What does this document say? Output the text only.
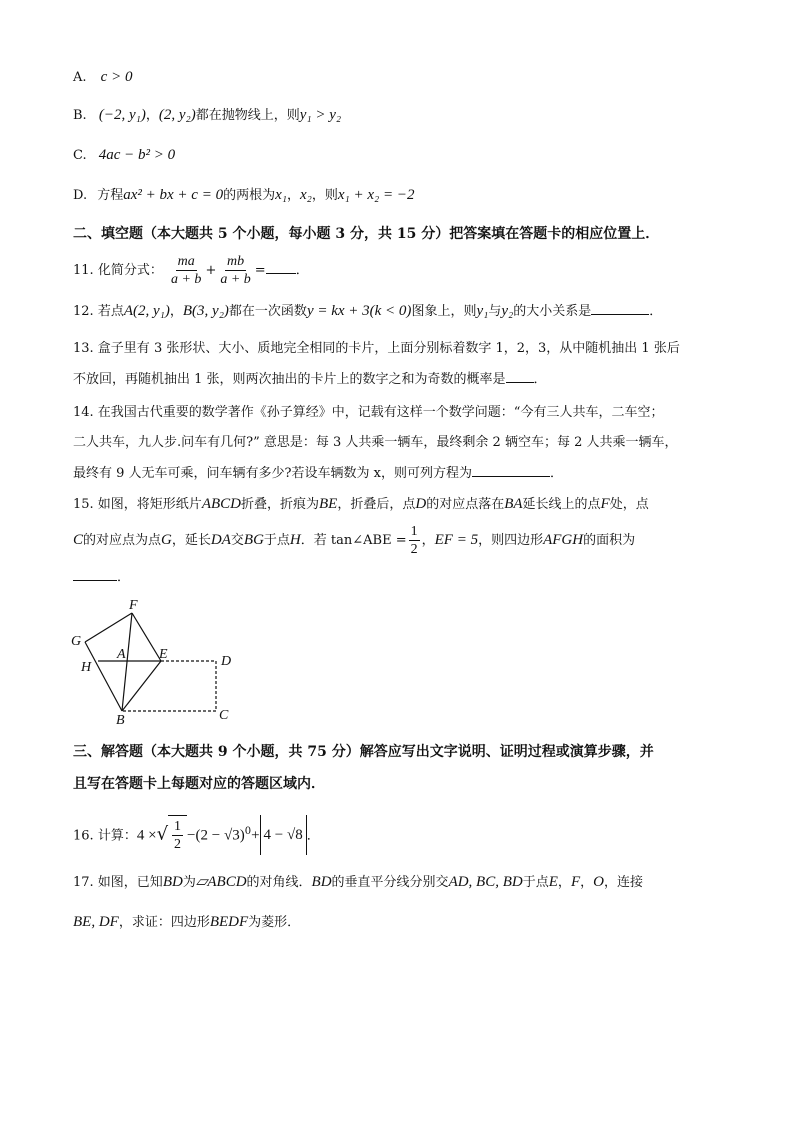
A. c > 0
B. (−2, y₁)，(2, y₂)都在抛物线上，则y₁ > y₂
C. 4ac − b² > 0
D. 方程ax² + bx + c = 0的两根为x₁，x₂，则x₁ + x₂ = −2
二、填空题（本大题共 5 个小题，每小题 3 分，共 15 分）把答案填在答题卡的相应位置上．
11. 化简分式： $\frac{ma}{a + b} + \frac{mb}{a + b}$ = ．
12. 若点A(2, y₁)，B(3, y₂)都在一次函数y = kx + 3(k < 0)图象上，则y₁与y₂的大小关系是	．
13. 盒子里有 3 张形状、大小、质地完全相同的卡片，上面分别标着数字 1，2，3，从中随机抽出 1 张后
不放回，再随机抽出 1 张，则两次抽出的卡片上的数字之和为奇数的概率是 ．
14. 在我国古代重要的数学著作《孙子算经》中，记载有这样一个数学问题：“今有三人共车，二车空；
二人共车，九人步.问车有几何?” 意思是：每 3 人共乘一辆车，最终剩余 2 辆空车；每 2 人共乘一辆车，
最终有 9 人无车可乘，问车辆有多少?若设车辆数为 x，则可列方程为	．
15. 如图，将矩形纸片ABCD折叠，折痕为BE，折叠后，点D的对应点落在BA延长线上的点F处，点
C的对应点为点G，延长DA交BG于点H．若 tan∠ABE = $\frac{1}{2}$ ，EF = 5，则四边形AFGH的面积为
．
F
G
A E	D
H
B	C
三、解答题（本大题共 9 个小题，共 75 分）解答应写出文字说明、证明过程或演算步骤，并
且写在答题卡上每题对应的答题区域内．
16. 计算：4 ×√ $\frac{1}{2} -(2 - √3)^0+ 4 - √8$ ．
17. 如图，已知BD为▱ABCD的对角线．BD的垂直平分线分别交AD, BC, BD于点E，F，O，连接
BE, DF，求证：四边形BEDF为菱形．
